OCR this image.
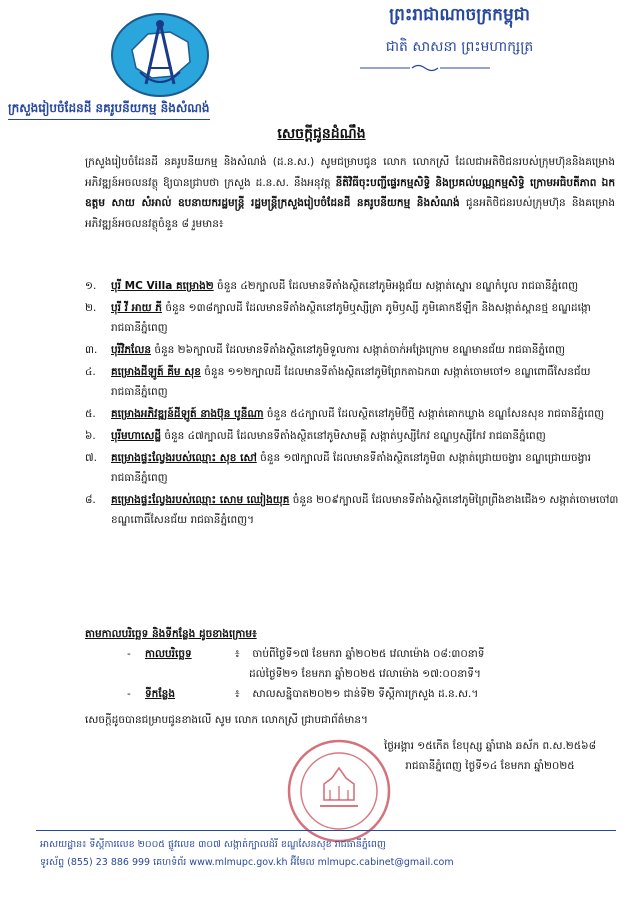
ក្រសួងរៀបចំដែនដី នគរូបនីយកម្ម និងសំណង់
ព្រះរាជាណាចក្រកម្ពុជា
ជាតិ សាសនា ព្រះមហាក្សត្រ
សេចក្តីជូនដំណឹង
ក្រសួងរៀបចំដែនដី នគរូបនីយកម្ម និងសំណង់ (ដ.ន.ស.) សូមជម្រាបជូន លោក លោកស្រី ដែលជាអតិថិជនរបស់ក្រុមហ៊ុននិងគម្រោងអភិវឌ្ឍន៍អចលនវត្ថុ ឱ្យបានជ្រាបថា ក្រសួង ដ.ន.ស. នឹងអនុវត្ត នីតិវិធីចុះបញ្ជីផ្ទេរកម្មសិទ្ធិ និងប្រគល់បណ្ណកម្មសិទ្ធិ ក្រោមអធិបតីភាព ឯកឧត្តម សាយ សំអាល់ ឧបនាយករដ្ឋមន្ត្រី រដ្ឋមន្ត្រីក្រសួងរៀបចំដែនដី នគរូបនីយកម្ម និងសំណង់ ជូនអតិថិជនរបស់ក្រុមហ៊ុន និងគម្រោងអភិវឌ្ឍន៍អចលនវត្ថុចំនួន ៨ រួមមាន៖
១. បុរី MC Villa គម្រោង២ ចំនួន ៤២ក្បាលដី ដែលមានទីតាំងស្ថិតនៅភូមិអង្គជ័យ សង្កាត់ស្នោរ ខណ្ឌកំបូល រាជធានីភ្នំពេញ
២. បុរី វី អាយ ភី ចំនួន ១៣៨ក្បាលដី ដែលមានទីតាំងស្ថិតនៅភូមិឬស្សីត្រា ភូមិឫស្សី ភូមិគោកឪឡឹក និងសង្កាត់ស្ពានថ្ម ខណ្ឌដង្កោ រាជធានីភ្នំពេញ
៣. បុរីវិភលែន ចំនួន ២៦ក្បាលដី ដែលមានទីតាំងស្ថិតនៅភូមិទួលការ សង្កាត់ចាក់អង្រែក្រោម ខណ្ឌមានជ័យ រាជធានីភ្នំពេញ
៤. គម្រោងដីឡូត៍ គីម សុខ ចំនួន ១១២ក្បាលដី ដែលមានទីតាំងស្ថិតនៅភូមិព្រែកតាឯក៣ សង្កាត់ចោមចៅ១ ខណ្ឌពោធិ៍សែនជ័យ រាជធានីភ្នំពេញ
៥. គម្រោងអភិវឌ្ឍន៍ដីឡូត៍ នាងប៊ុន បូនីណា ចំនួន ៥៤ក្បាលដី ដែលស្ថិតនៅភូមិប៊ីថ្មី សង្កាត់គោកឃ្លាង ខណ្ឌសែនសុខ រាជធានីភ្នំពេញ
៦. បុរីមហាសេដ្ឋី ចំនួន ៤៧ក្បាលដី ដែលមានទីតាំងស្ថិតនៅភូមិសាមគ្គី សង្កាត់ឫស្សីកែវ ខណ្ឌឫស្សីកែវ រាជធានីភ្នំពេញ
៧. គម្រោងផ្ទះល្វែងរបស់ឈ្មោះ សុខ សៅ ចំនួន ១៧ក្បាលដី ដែលមានទីតាំងស្ថិតនៅភូមិ៣ សង្កាត់ជ្រោយចង្វារ ខណ្ឌជ្រោយចង្វារ រាជធានីភ្នំពេញ
៨. គម្រោងផ្ទះល្វែងរបស់ឈ្មោះ សោម ឈៀងយុគ ចំនួន ២០៩ក្បាលដី ដែលមានទីតាំងស្ថិតនៅភូមិព្រៃព្រីងខាងជើង១ សង្កាត់ចោមចៅ៣ ខណ្ឌពោធិ៍សែនជ័យ រាជធានីភ្នំពេញ។
តាមកាលបរិច្ឆេទ និងទីកន្លែង ដូចខាងក្រោម៖
- កាលបរិច្ឆេទ	៖ ចាប់ពីថ្ងៃទី១៧ ខែមករា ឆ្នាំ២០២៥ វេលាម៉ោង ០៨:៣០នាទី
ដល់ថ្ងៃទី២១ ខែមករា ឆ្នាំ២០២៥ វេលាម៉ោង ១៧:០០នាទី។
- ទីកន្លែង	៖ សាលសន្និបាត២០២១ ជាន់ទី២ ទីស្តីការក្រសួង ដ.ន.ស.។
សេចក្តីដូចបានជម្រាបជូនខាងលើ សូម លោក លោកស្រី ជ្រាបជាព័ត៌មាន។
ថ្ងៃអង្គារ ១៥កើត ខែបុស្ស ឆ្នាំរោង ឆស័ក ព.ស.២៥៦៨
រាជធានីភ្នំពេញ ថ្ងៃទី១៤ ខែមករា ឆ្នាំ២០២៥
អាសយដ្ឋាន៖ ទីស្តីការលេខ ២០០៥ ផ្លូវលេខ ៣០៧ សង្កាត់ក្បាលដំរី ខណ្ឌសែនសុខ រាជធានីភ្នំពេញ
ទូរស័ព្ទ (855) 23 886 999 គេហទំព័រ www.mlmupc.gov.kh អ៊ីមែល mlmupc.cabinet@gmail.com
